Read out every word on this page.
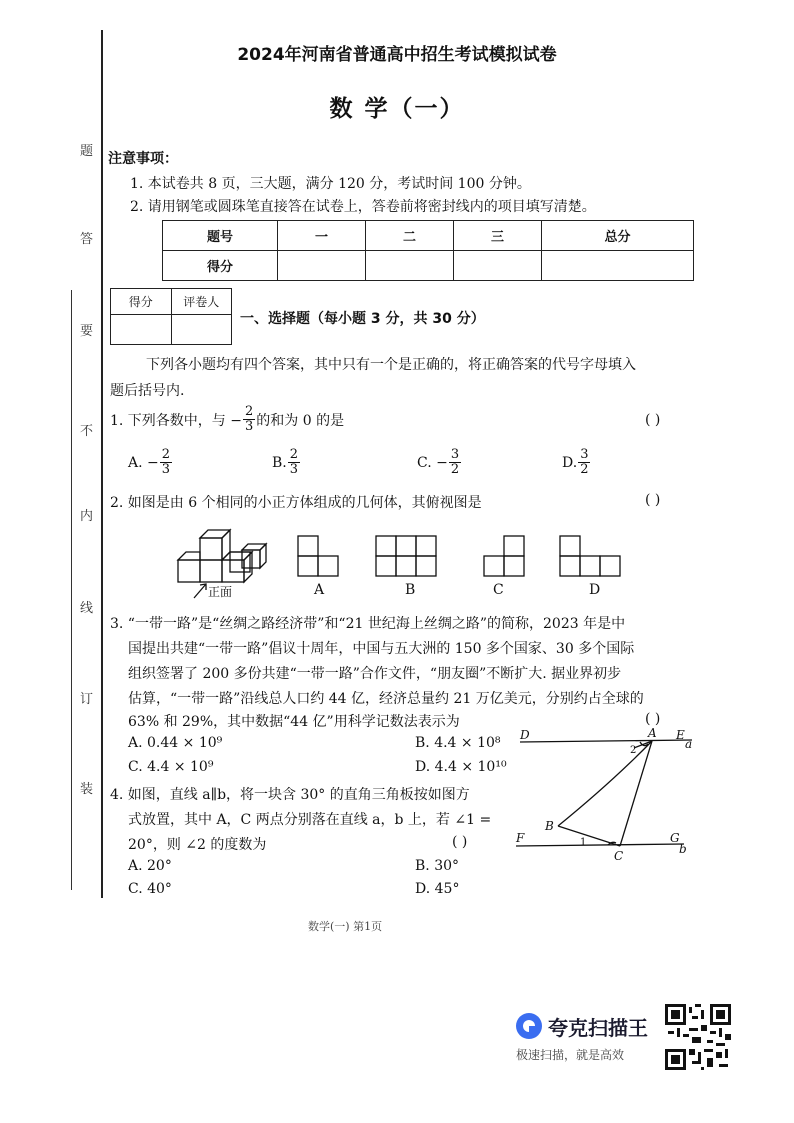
题
答
要
不
内
线
订
装
2024年河南省普通高中招生考试模拟试卷
数 学（一）
注意事项：
1. 本试卷共 8 页，三大题，满分 120 分，考试时间 100 分钟。
2. 请用钢笔或圆珠笔直接答在试卷上，答卷前将密封线内的项目填写清楚。
题号	一	二	三	总分
得分				
得分	评卷人

一、选择题（每小题 3 分，共 30 分）
下列各小题均有四个答案，其中只有一个是正确的，将正确答案的代号字母填入
题后括号内.
1. 下列各数中，与 − $\frac{2}{3}$ 的和为 0 的是	( )
A. − $\frac{2}{3}$	B. $\frac{2}{3}$	C. − $\frac{3}{2}$	D. $\frac{3}{2}$
2. 如图是由 6 个相同的小正方体组成的几何体，其俯视图是	( )
正面	A	B	C	D
3. “一带一路”是“丝绸之路经济带”和“21 世纪海上丝绸之路”的简称，2023 年是中
国提出共建“一带一路”倡议十周年，中国与五大洲的 150 多个国家、30 多个国际
组织签署了 200 多份共建“一带一路”合作文件，“朋友圈”不断扩大. 据业界初步
估算，“一带一路”沿线总人口约 44 亿，经济总量约 21 万亿美元，分别约占全球的
63% 和 29%，其中数据“44 亿”用科学记数法表示为	( )
A. 0.44 × 10⁹	B. 4.4 × 10⁸
C. 4.4 × 10⁹	D. 4.4 × 10¹⁰
4. 如图，直线 a∥b，将一块含 30° 的直角三角板按如图方
式放置，其中 A，C 两点分别落在直线 a，b 上，若 ∠1 =
20°，则 ∠2 的度数为	( )
A. 20°	B. 30°
C. 40°	D. 45°
D	A E
a
2
B
F	1
C
G
b
数学(一) 第1页
夸克扫描王
极速扫描，就是高效
